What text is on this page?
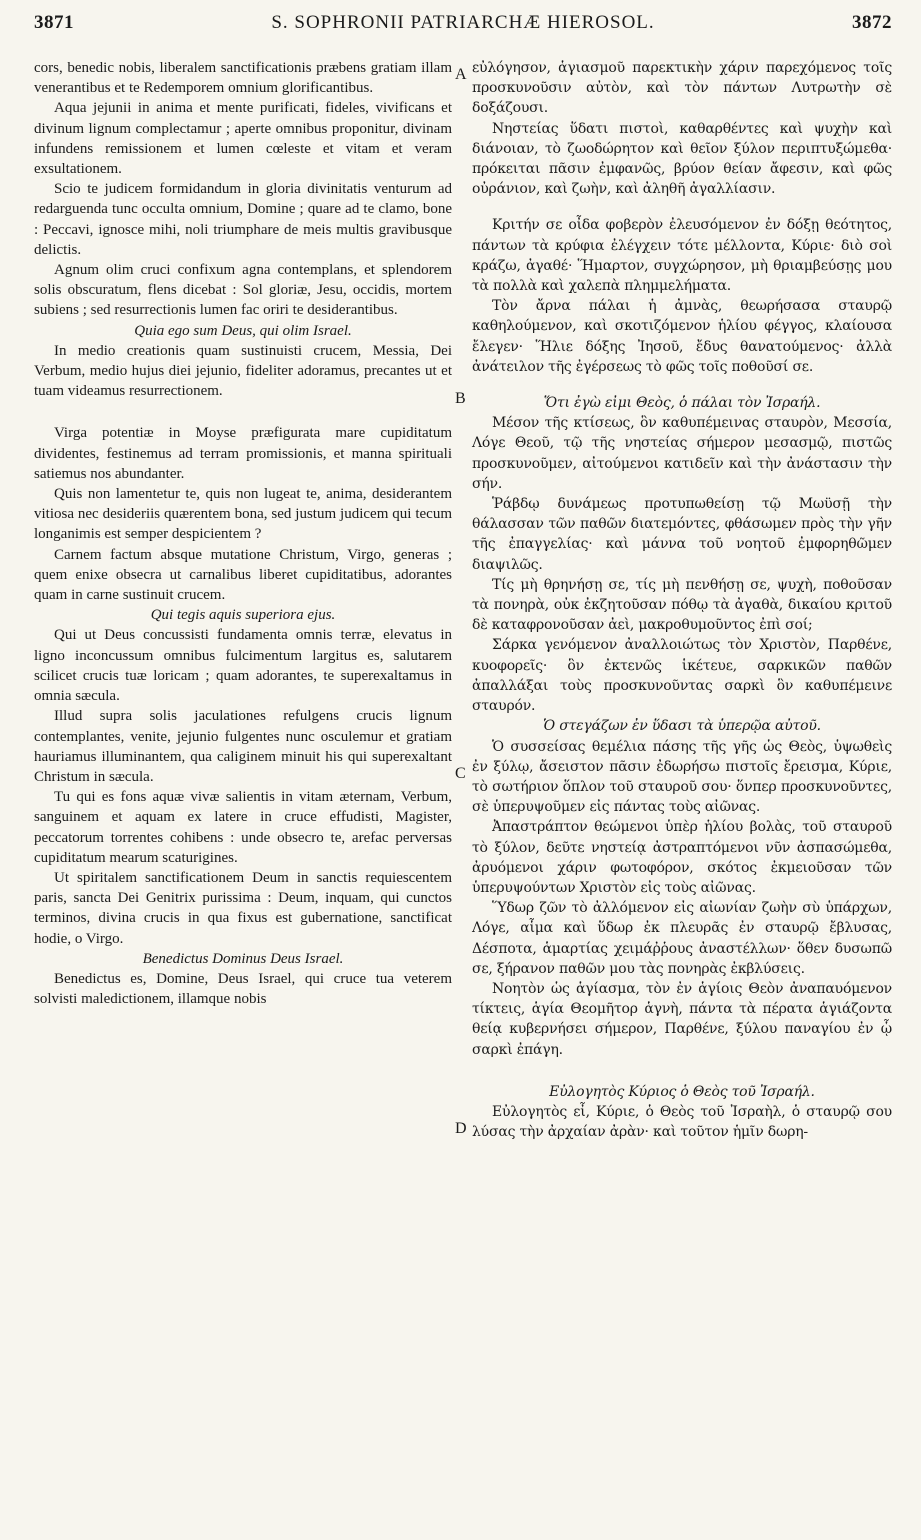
3871	S. SOPHRONII PATRIARCHÆ HIEROSOL.	3872

cors, benedic nobis, liberalem sanctificationis præbens gratiam illam venerantibus et te Redemporem omnium glorificantibus.

Aqua jejunii in anima et mente purificati, fideles, vivificans et divinum lignum complectamur ; aperte omnibus proponitur, divinam infundens remissionem et lumen cœleste et vitam et veram exsultationem.

Scio te judicem formidandum in gloria divinitatis venturum ad redarguenda tunc occulta omnium, Domine ; quare ad te clamo, bone : Peccavi, ignosce mihi, noli triumphare de meis multis gravibusque delictis.

Agnum olim cruci confixum agna contemplans, et splendorem solis obscuratum, flens dicebat : Sol gloriæ, Jesu, occidis, mortem subiens ; sed resurrectionis lumen fac oriri te desiderantibus.

Quia ego sum Deus, qui olim Israel.

In medio creationis quam sustinuisti crucem, Messia, Dei Verbum, medio hujus diei jejunio, fideliter adoramus, precantes ut et tuam videamus resurrectionem.

Virga potentiæ in Moyse præfigurata mare cupiditatum dividentes, festinemus ad terram promissionis, et manna spirituali satiemus nos abundanter.

Quis non lamentetur te, quis non lugeat te, anima, desiderantem vitiosa nec desideriis quærentem bona, sed justum judicem qui tecum longanimis est semper despicientem ?

Carnem factum absque mutatione Christum, Virgo, generas ; quem enixe obsecra ut carnalibus liberet cupiditatibus, adorantes quam in carne sustinuit crucem.

Qui tegis aquis superiora ejus.

Qui ut Deus concussisti fundamenta omnis terræ, elevatus in ligno inconcussum omnibus fulcimentum largitus es, salutarem scilicet crucis tuæ loricam ; quam adorantes, te superexaltamus in omnia sæcula.

Illud supra solis jaculationes refulgens crucis lignum contemplantes, venite, jejunio fulgentes nunc osculemur et gratiam hauriamus illuminantem, qua caliginem minuit his qui superexaltant Christum in sæcula.

Tu qui es fons aquæ vivæ salientis in vitam æternam, Verbum, sanguinem et aquam ex latere in cruce effudisti, Magister, peccatorum torrentes cohibens : unde obsecro te, arefac perversas cupiditatum mearum scaturigines.

Ut spiritalem sanctificationem Deum in sanctis requiescentem paris, sancta Dei Genitrix purissima : Deum, inquam, qui cunctos terminos, divina crucis in qua fixus est gubernatione, sanctificat hodie, o Virgo.

Benedictus Dominus Deus Israel.

Benedictus es, Domine, Deus Israel, qui cruce tua veterem solvisti maledictionem, illamque nobis

εὐλόγησον, ἁγιασμοῦ παρεκτικὴν χάριν παρεχόμενος τοῖς προσκυνοῦσιν αὐτὸν, καὶ τὸν πάντων Λυτρωτὴν σὲ δοξάζουσι.

Νηστείας ὕδατι πιστοὶ, καθαρθέντες καὶ ψυχὴν καὶ διάνοιαν, τὸ ζωοδώρητον καὶ θεῖον ξύλον περιπτυξώμεθα· πρόκειται πᾶσιν ἐμφανῶς, βρύον θείαν ἄφεσιν, καὶ φῶς οὐράνιον, καὶ ζωὴν, καὶ ἀληθῆ ἀγαλλίασιν.

Κριτήν σε οἶδα φοβερὸν ἐλευσόμενον ἐν δόξῃ θεότητος, πάντων τὰ κρύφια ἐλέγχειν τότε μέλλοντα, Κύριε· διὸ σοὶ κράζω, ἀγαθέ· Ἥμαρτον, συγχώρησον, μὴ θριαμβεύσῃς μου τὰ πολλὰ καὶ χαλεπὰ πλημμελήματα.

Τὸν ἄρνα πάλαι ἡ ἀμνὰς, θεωρήσασα σταυρῷ καθηλούμενον, καὶ σκοτιζόμενον ἡλίου φέγγος, κλαίουσα ἔλεγεν· Ἥλιε δόξης Ἰησοῦ, ἔδυς θανατούμενος· ἀλλὰ ἀνάτειλον τῆς ἐγέρσεως τὸ φῶς τοῖς ποθοῦσί σε.

Ὅτι ἐγὼ εἰμι Θεὸς, ὁ πάλαι τὸν Ἰσραήλ.

Μέσον τῆς κτίσεως, ὃν καθυπέμεινας σταυρὸν, Μεσσία, Λόγε Θεοῦ, τῷ τῆς νηστείας σήμερον μεσασμῷ, πιστῶς προσκυνοῦμεν, αἰτούμενοι κατιδεῖν καὶ τὴν ἀνάστασιν τὴν σήν.

Ῥάβδῳ δυνάμεως προτυπωθείσῃ τῷ Μωϋσῇ τὴν θάλασσαν τῶν παθῶν διατεμόντες, φθάσωμεν πρὸς τὴν γῆν τῆς ἐπαγγελίας· καὶ μάννα τοῦ νοητοῦ ἐμφορηθῶμεν διαψιλῶς.

Τίς μὴ θρηνήσῃ σε, τίς μὴ πενθήσῃ σε, ψυχὴ, ποθοῦσαν τὰ πονηρὰ, οὐκ ἐκζητοῦσαν πόθῳ τὰ ἀγαθὰ, δικαίου κριτοῦ δὲ καταφρονοῦσαν ἀεὶ, μακροθυμοῦντος ἐπὶ σοί;

Σάρκα γενόμενον ἀναλλοιώτως τὸν Χριστὸν, Παρθένε, κυοφορεῖς· ὃν ἐκτενῶς ἱκέτευε, σαρκικῶν παθῶν ἀπαλλάξαι τοὺς προσκυνοῦντας σαρκὶ ὃν καθυπέμεινε σταυρόν.

Ὁ στεγάζων ἐν ὕδασι τὰ ὑπερῷα αὐτοῦ.

Ὁ συσσείσας θεμέλια πάσης τῆς γῆς ὡς Θεὸς, ὑψωθεὶς ἐν ξύλῳ, ἄσειστον πᾶσιν ἐδωρήσω πιστοῖς ἔρεισμα, Κύριε, τὸ σωτήριον ὅπλον τοῦ σταυροῦ σου· ὅνπερ προσκυνοῦντες, σὲ ὑπερυψοῦμεν εἰς πάντας τοὺς αἰῶνας.

Ἀπαστράπτον θεώμενοι ὑπὲρ ἡλίου βολὰς, τοῦ σταυροῦ τὸ ξύλον, δεῦτε νηστείᾳ ἀστραπτόμενοι νῦν ἀσπασώμεθα, ἀρυόμενοι χάριν φωτοφόρον, σκότος ἐκμειοῦσαν τῶν ὑπερυψούντων Χριστὸν εἰς τοὺς αἰῶνας.

Ὕδωρ ζῶν τὸ ἀλλόμενον εἰς αἰωνίαν ζωὴν σὺ ὑπάρχων, Λόγε, αἷμα καὶ ὕδωρ ἐκ πλευρᾶς ἐν σταυρῷ ἔβλυσας, Δέσποτα, ἁμαρτίας χειμάῤῥους ἀναστέλλων· ὅθεν δυσωπῶ σε, ξήρανον παθῶν μου τὰς πονηρὰς ἐκβλύσεις.

Νοητὸν ὡς ἁγίασμα, τὸν ἐν ἁγίοις Θεὸν ἀναπαυόμενον τίκτεις, ἁγία Θεομῆτορ ἁγνὴ, πάντα τὰ πέρατα ἁγιάζοντα θείᾳ κυβερνήσει σήμερον, Παρθένε, ξύλου παναγίου ἐν ᾧ σαρκὶ ἐπάγη.

Εὐλογητὸς Κύριος ὁ Θεὸς τοῦ Ἰσραήλ.

Εὐλογητὸς εἶ, Κύριε, ὁ Θεὸς τοῦ Ἰσραὴλ, ὁ σταυρῷ σου λύσας τὴν ἀρχαίαν ἀρὰν· καὶ τοῦτον ἡμῖν δωρη-

A
B
C
D
